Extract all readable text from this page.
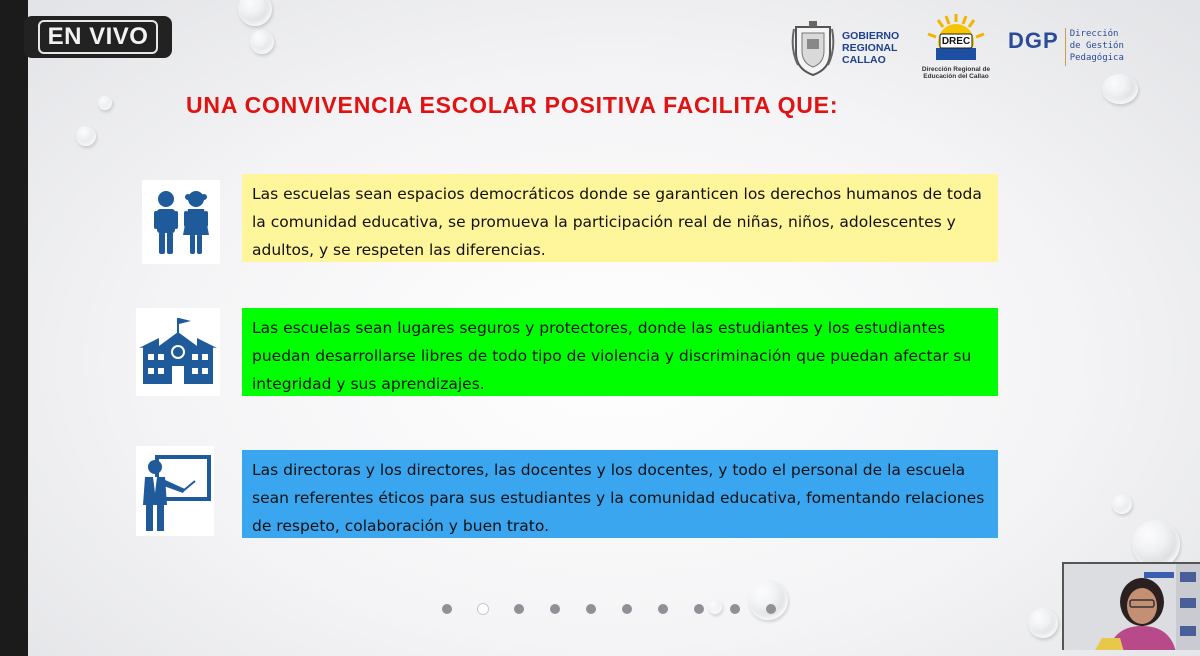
GOBIERNO
REGIONAL
CALLAO
DREC
Dirección Regional de
Educación del Callao
DGP Dirección
de Gestión
Pedagógica
UNA CONVIVENCIA ESCOLAR POSITIVA FACILITA QUE:
Las escuelas sean espacios democráticos donde se garanticen los derechos humanos de toda la comunidad educativa, se promueva la participación real de niñas, niños, adolescentes y adultos, y se respeten las diferencias.
Las escuelas sean lugares seguros y protectores, donde las estudiantes y los estudiantes puedan desarrollarse libres de todo tipo de violencia y discriminación que puedan afectar su integridad y sus aprendizajes.
Las directoras y los directores, las docentes y los docentes, y todo el personal de la escuela sean referentes éticos para sus estudiantes y la comunidad educativa, fomentando relaciones de respeto, colaboración y buen trato.
EN VIVO
